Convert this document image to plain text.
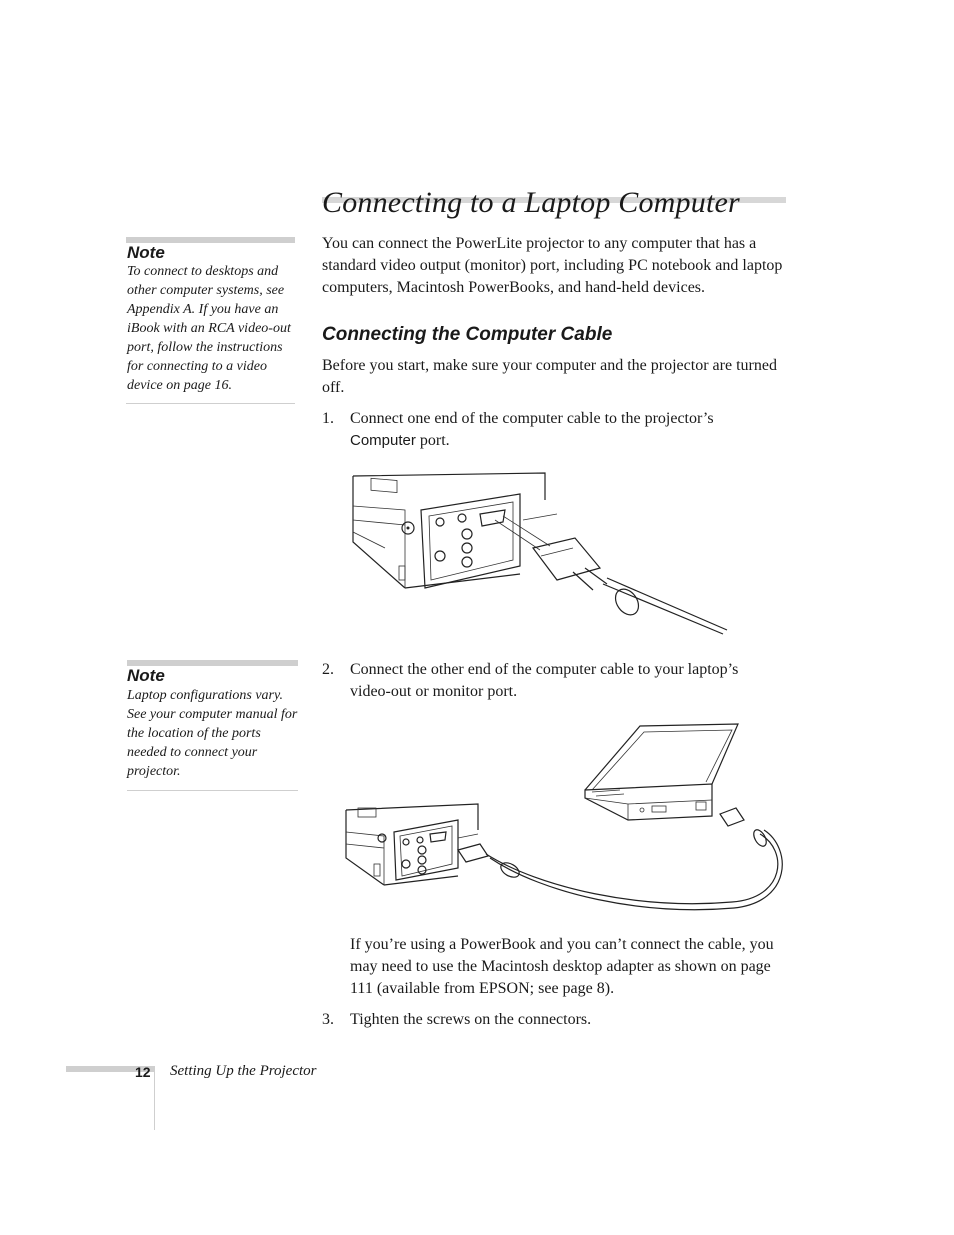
Connecting to a Laptop Computer

You can connect the PowerLite projector to any computer that has a standard video output (monitor) port, including PC notebook and laptop computers, Macintosh PowerBooks, and hand-held devices.

Connecting the Computer Cable

Before you start, make sure your computer and the projector are turned off.

1. Connect one end of the computer cable to the projector’s Computer port.

2. Connect the other end of the computer cable to your laptop’s video-out or monitor port.

If you’re using a PowerBook and you can’t connect the cable, you may need to use the Macintosh desktop adapter as shown on page 111 (available from EPSON; see page 8).

3. Tighten the screws on the connectors.

Note

To connect to desktops and other computer systems, see Appendix A. If you have an iBook with an RCA video-out port, follow the instructions for connecting to a video device on page 16.

Note

Laptop configurations vary. See your computer manual for the location of the ports needed to connect your projector.

12 Setting Up the Projector
